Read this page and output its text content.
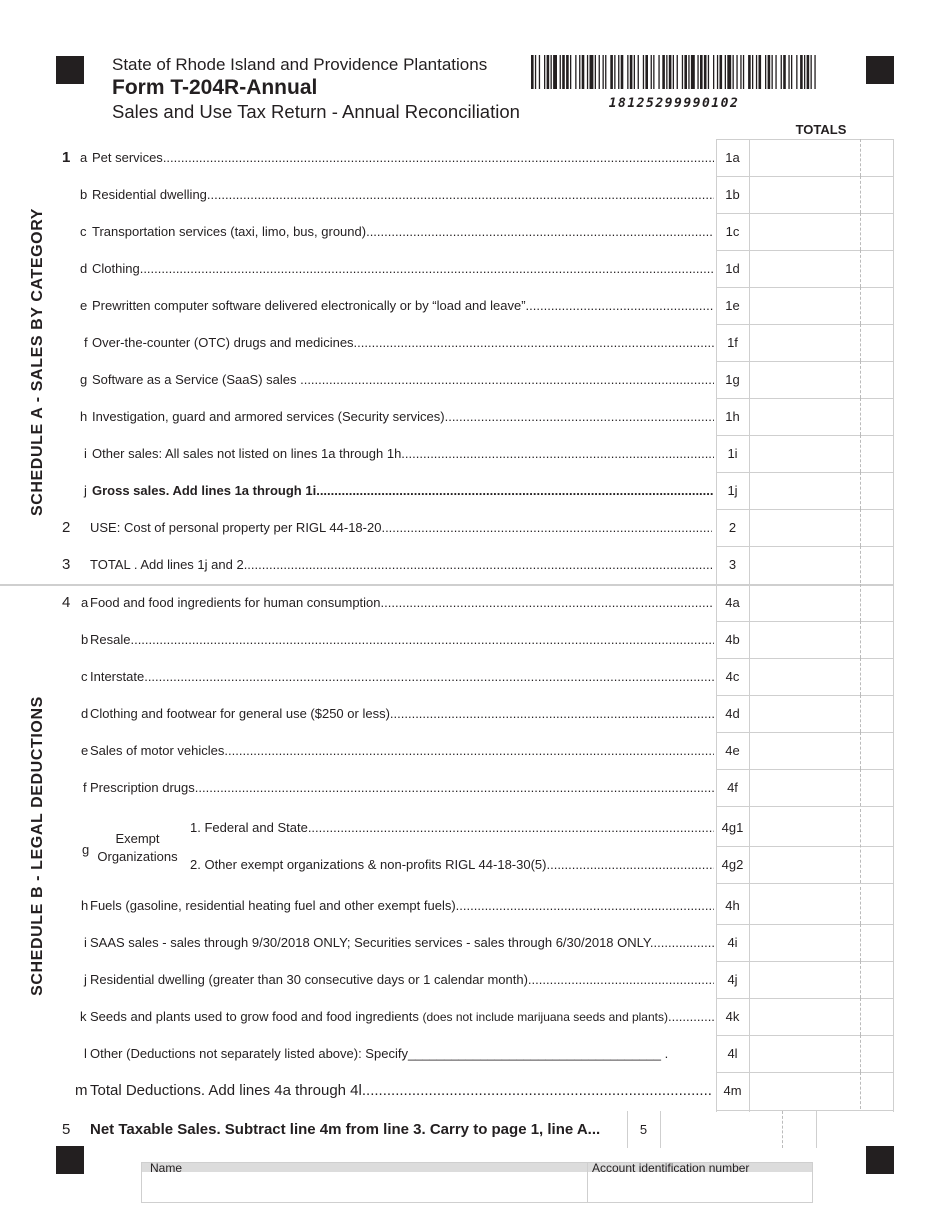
State of Rhode Island and Providence Plantations
Form T-204R-Annual
Sales and Use Tax Return - Annual Reconciliation	18125299990102
TOTALS
SCHEDULE A - SALES BY CATEGORY
SCHEDULE B - LEGAL DEDUCTIONS
1 a Pet services .....	1a
b Residential dwelling .....	1b
c Transportation services (taxi, limo, bus, ground) .....	1c
d Clothing .....	1d
e Prewritten computer software delivered electronically or by “load and leave” .....	1e
f Over-the-counter (OTC) drugs and medicines .....	1f
g Software as a Service (SaaS) sales .....	1g
h Investigation, guard and armored services (Security services) .....	1h
i Other sales: All sales not listed on lines 1a through 1h .....	1i
j Gross sales. Add lines 1a through 1i. .....	1j
2 USE: Cost of personal property per RIGL 44-18-20 .....	2
3 TOTAL . Add lines 1j and 2 .....	3
4 a Food and food ingredients for human consumption .....	4a
b Resale .....	4b
c Interstate .....	4c
d Clothing and footwear for general use ($250 or less) .....	4d
e Sales of motor vehicles .....	4e
f Prescription drugs .....	4f
g
Exempt
Organizations
1. Federal and State .....	4g1
2. Other exempt organizations & non-profits RIGL 44-18-30(5) .....	4g2
h Fuels (gasoline, residential heating fuel and other exempt fuels) .....	4h
i SAAS sales - sales through 9/30/2018 ONLY; Securities services - sales through 6/30/2018 ONLY .....	4i
j Residential dwelling (greater than 30 consecutive days or 1 calendar month) .....	4j
k Seeds and plants used to grow food and food ingredients (does not include marijuana seeds and plants) .....	4k
l Other (Deductions not separately listed above): Specify___________________________________ .	4l
m Total Deductions. Add lines 4a through 4l .....	4m
5 Net Taxable Sales. Subtract line 4m from line 3. Carry to page 1, line A...	5
Name	Account identification number
